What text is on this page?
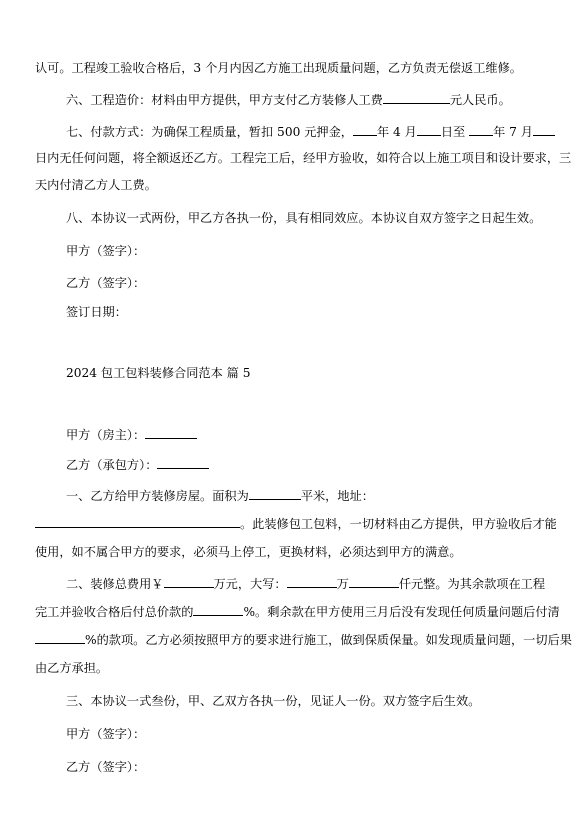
认可。工程竣工验收合格后，3 个月内因乙方施工出现质量问题，乙方负责无偿返工维修。
六、工程造价：材料由甲方提供，甲方支付乙方装修人工费	元人民币。
七、付款方式：为确保工程质量，暂扣 500 元押金， 年 4 月 日至 年 7 月
日内无任何问题，将全额返还乙方。工程完工后，经甲方验收，如符合以上施工项目和设计要求，三
天内付清乙方人工费。
八、本协议一式两份，甲乙方各执一份，具有相同效应。本协议自双方签字之日起生效。
甲方（签字）：
乙方（签字）：
签订日期：
2024 包工包料装修合同范本 篇 5
甲方（房主）：
乙方（承包方）：
一、乙方给甲方装修房屋。面积为	平米，地址：
。此装修包工包料，一切材料由乙方提供，甲方验收后才能
使用，如不属合甲方的要求，必须马上停工，更换材料，必须达到甲方的满意。
二、装修总费用￥	万元，大写：	万	仟元整。为其余款项在工程
完工并验收合格后付总价款的	%。剩余款在甲方使用三月后没有发现任何质量问题后付清
%的款项。乙方必须按照甲方的要求进行施工，做到保质保量。如发现质量问题，一切后果
由乙方承担。
三、本协议一式叁份，甲、乙双方各执一份，见证人一份。双方签字后生效。
甲方（签字）：
乙方（签字）：
